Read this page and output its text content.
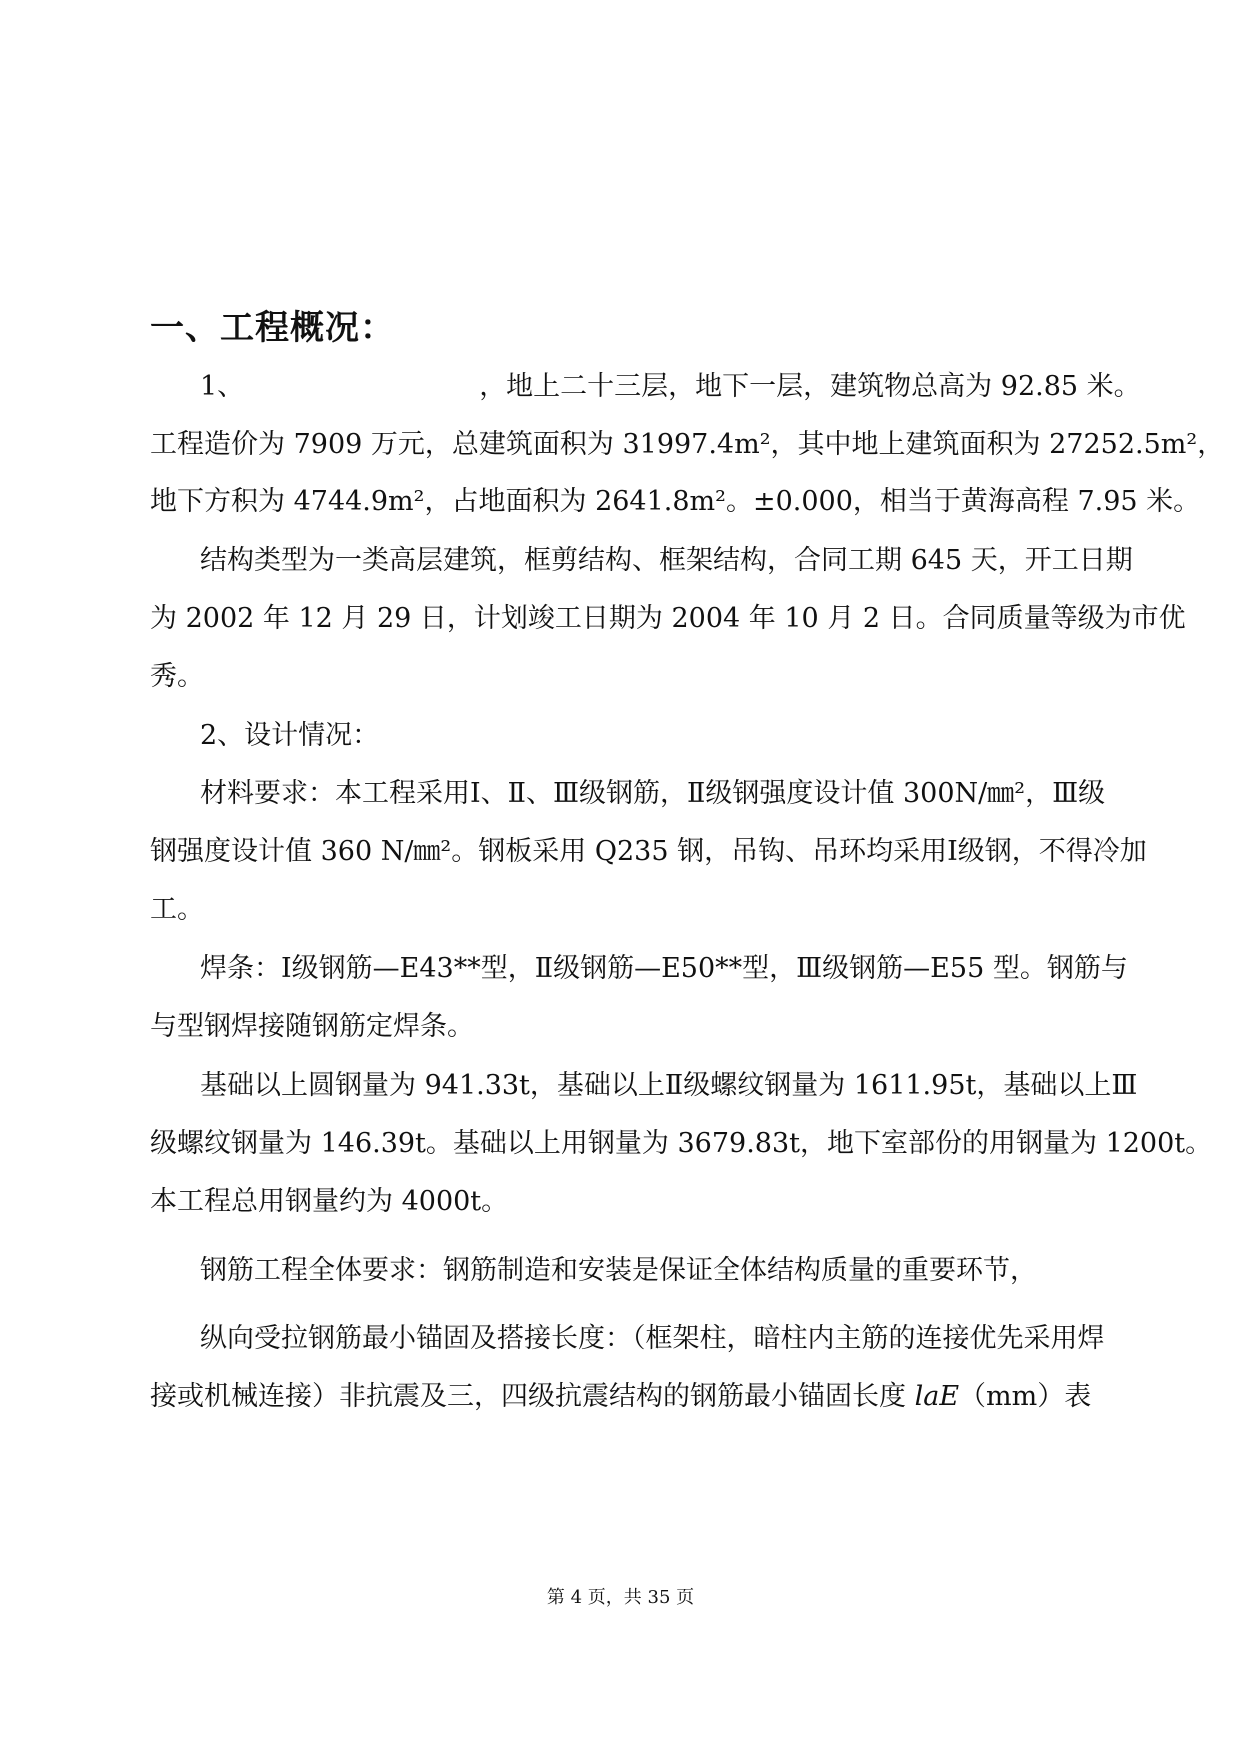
一、工程概况：
1、	，地上二十三层，地下一层，建筑物总高为 92.85 米。
工程造价为 7909 万元，总建筑面积为 31997.4m²，其中地上建筑面积为 27252.5m²，
地下方积为 4744.9m²，占地面积为 2641.8m²。±0.000，相当于黄海高程 7.95 米。
结构类型为一类高层建筑，框剪结构、框架结构，合同工期 645 天，开工日期
为 2002 年 12 月 29 日，计划竣工日期为 2004 年 10 月 2 日。合同质量等级为市优
秀。
2、设计情况：
材料要求：本工程采用Ⅰ、Ⅱ、Ⅲ级钢筋，Ⅱ级钢强度设计值 300N/㎜²，Ⅲ级
钢强度设计值 360 N/㎜²。钢板采用 Q235 钢，吊钩、吊环均采用Ⅰ级钢，不得冷加
工。
焊条：Ⅰ级钢筋—E43**型，Ⅱ级钢筋—E50**型，Ⅲ级钢筋—E55 型。钢筋与
与型钢焊接随钢筋定焊条。
基础以上圆钢量为 941.33t，基础以上Ⅱ级螺纹钢量为 1611.95t，基础以上Ⅲ
级螺纹钢量为 146.39t。基础以上用钢量为 3679.83t，地下室部份的用钢量为 1200t。
本工程总用钢量约为 4000t。
钢筋工程全体要求：钢筋制造和安装是保证全体结构质量的重要环节，
纵向受拉钢筋最小锚固及搭接长度：（框架柱，暗柱内主筋的连接优先采用焊
接或机械连接）非抗震及三，四级抗震结构的钢筋最小锚固长度 laE（mm）表
第 4 页，共 35 页
